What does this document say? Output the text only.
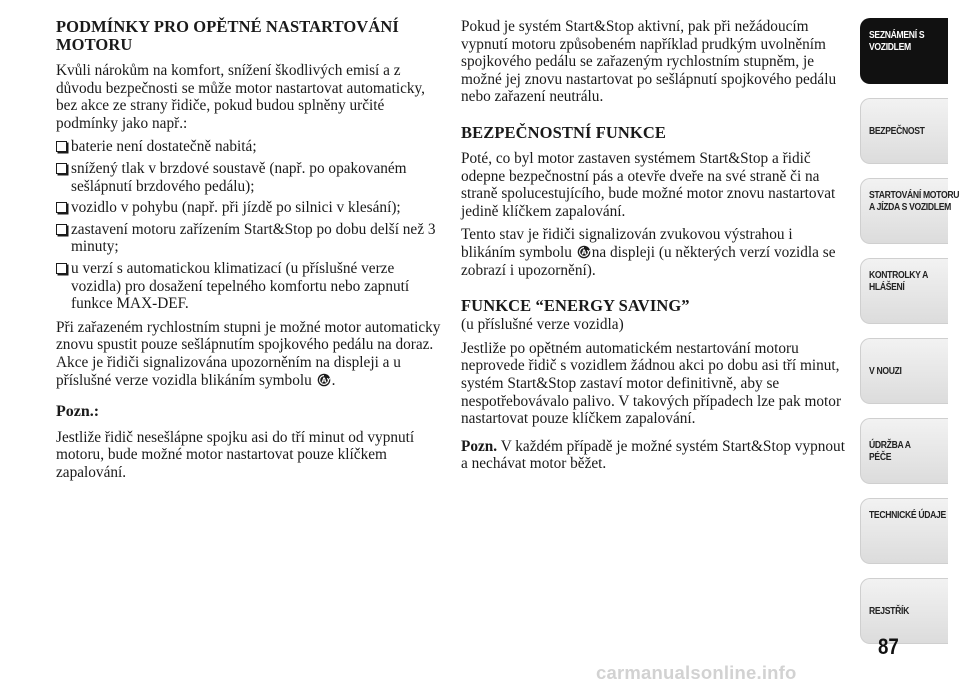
PODMÍNKY PRO OPĚTNÉ NASTARTOVÁNÍ MOTORU

Kvůli nárokům na komfort, snížení škodlivých emisí a z důvodu bezpečnosti se může motor nastartovat automaticky, bez akce ze strany řidiče, pokud budou splněny určité podmínky jako např.:

baterie není dostatečně nabitá;
snížený tlak v brzdové soustavě (např. po opakovaném sešlápnutí brzdového pedálu);
vozidlo v pohybu (např. při jízdě po silnici v klesání);
zastavení motoru zařízením Start&Stop po dobu delší než 3 minuty;
u verzí s automatickou klimatizací (u příslušné verze vozidla) pro dosažení tepelného komfortu nebo zapnutí funkce MAX-DEF.

Při zařazeném rychlostním stupni je možné motor automaticky znovu spustit pouze sešlápnutím spojkového pedálu na doraz. Akce je řidiči signalizována upozorněním na displeji a u příslušné verze vozidla blikáním symbolu A .

Pozn.:

Jestliže řidič nesešlápne spojku asi do tří minut od vypnutí motoru, bude možné motor nastartovat pouze klíčkem zapalování.

Pokud je systém Start&Stop aktivní, pak při nežádoucím vypnutí motoru způsobeném například prudkým uvolněním spojkového pedálu se zařazeným rychlostním stupněm, je možné jej znovu nastartovat po sešlápnutí spojkového pedálu nebo zařazení neutrálu.

BEZPEČNOSTNÍ FUNKCE

Poté, co byl motor zastaven systémem Start&Stop a řidič odepne bezpečnostní pás a otevře dveře na své straně či na straně spolucestujícího, bude možné motor znovu nastartovat jedině klíčkem zapalování.

Tento stav je řidiči signalizován zvukovou výstrahou i blikáním symbolu A na displeji (u některých verzí vozidla se zobrazí i upozornění).

FUNKCE “ENERGY SAVING”

(u příslušné verze vozidla)

Jestliže po opětném automatickém nestartování motoru neprovede řidič s vozidlem žádnou akci po dobu asi tří minut, systém Start&Stop zastaví motor definitivně, aby se nespotřebovávalo palivo. V takových případech lze pak motor nastartovat pouze klíčkem zapalování.

Pozn. V každém případě je možné systém Start&Stop vypnout a nechávat motor běžet.

SEZNÁMENÍ S VOZIDLEM
BEZPEČNOST
STARTOVÁNÍ MOTORU A JÍZDA S VOZIDLEM
KONTROLKY A HLÁŠENÍ
V NOUZI
ÚDRŽBA A PÉČE
TECHNICKÉ ÚDAJE
REJSTŘÍK
87
carmanualsonline.info
